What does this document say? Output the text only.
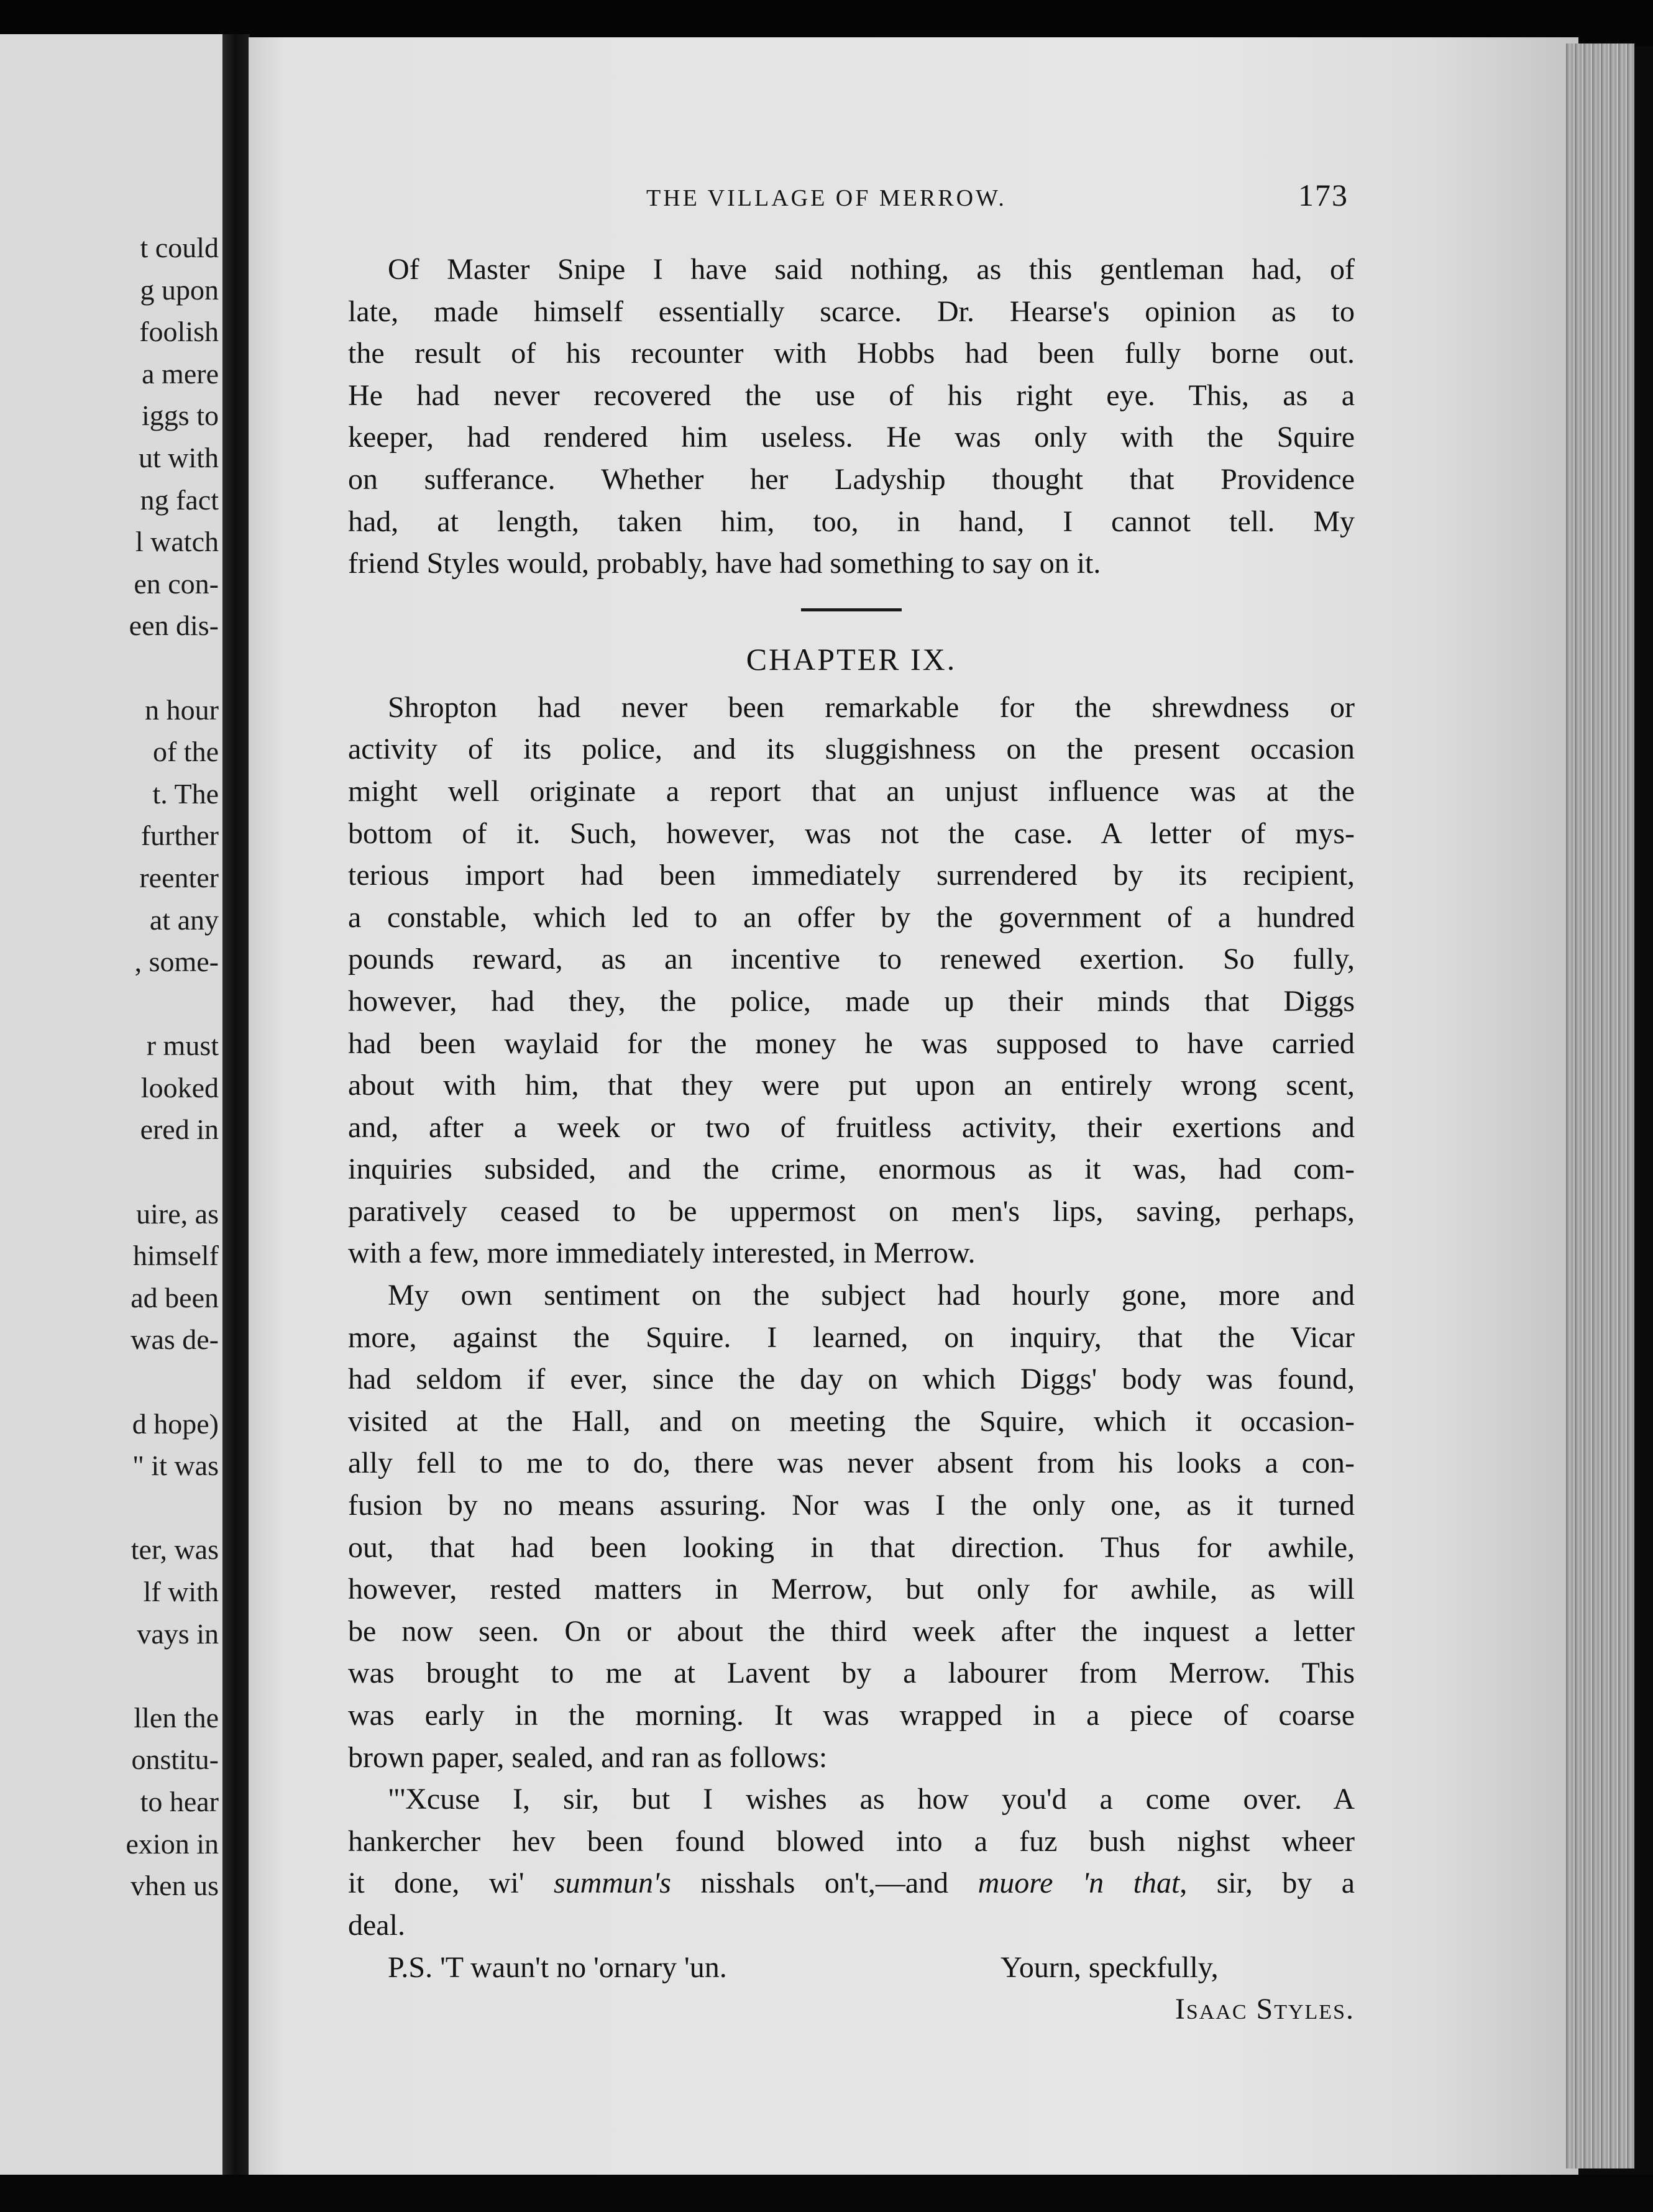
t could
g upon
foolish
a mere
iggs to
ut with
ng fact
l watch
en con-
een dis-
n hour
of the
t. The
further
reenter
at any
, some-
r must
looked
ered in
uire, as
himself
ad been
was de-
d hope)
" it was
ter, was
lf with
vays in
llen the
onstitu-
to hear
exion in
vhen us
THE VILLAGE OF MERROW.	173
Of Master Snipe I have said nothing, as this gentleman had, of
late, made himself essentially scarce. Dr. Hearse's opinion as to
the result of his recounter with Hobbs had been fully borne out.
He had never recovered the use of his right eye. This, as a
keeper, had rendered him useless. He was only with the Squire
on sufferance. Whether her Ladyship thought that Providence
had, at length, taken him, too, in hand, I cannot tell. My
friend Styles would, probably, have had something to say on it.
CHAPTER IX.
Shropton had never been remarkable for the shrewdness or
activity of its police, and its sluggishness on the present occasion
might well originate a report that an unjust influence was at the
bottom of it. Such, however, was not the case. A letter of mys-
terious import had been immediately surrendered by its recipient,
a constable, which led to an offer by the government of a hundred
pounds reward, as an incentive to renewed exertion. So fully,
however, had they, the police, made up their minds that Diggs
had been waylaid for the money he was supposed to have carried
about with him, that they were put upon an entirely wrong scent,
and, after a week or two of fruitless activity, their exertions and
inquiries subsided, and the crime, enormous as it was, had com-
paratively ceased to be uppermost on men's lips, saving, perhaps,
with a few, more immediately interested, in Merrow.
My own sentiment on the subject had hourly gone, more and
more, against the Squire. I learned, on inquiry, that the Vicar
had seldom if ever, since the day on which Diggs' body was found,
visited at the Hall, and on meeting the Squire, which it occasion-
ally fell to me to do, there was never absent from his looks a con-
fusion by no means assuring. Nor was I the only one, as it turned
out, that had been looking in that direction. Thus for awhile,
however, rested matters in Merrow, but only for awhile, as will
be now seen. On or about the third week after the inquest a letter
was brought to me at Lavent by a labourer from Merrow. This
was early in the morning. It was wrapped in a piece of coarse
brown paper, sealed, and ran as follows:
"'Xcuse I, sir, but I wishes as how you'd a come over. A
hankercher hev been found blowed into a fuz bush nighst wheer
it done, wi' summun's nisshals on't,—and muore 'n that, sir, by a
deal.
P.S. 'T waun't no 'ornary 'un.	Yourn, speckfully,
Isaac Styles.
